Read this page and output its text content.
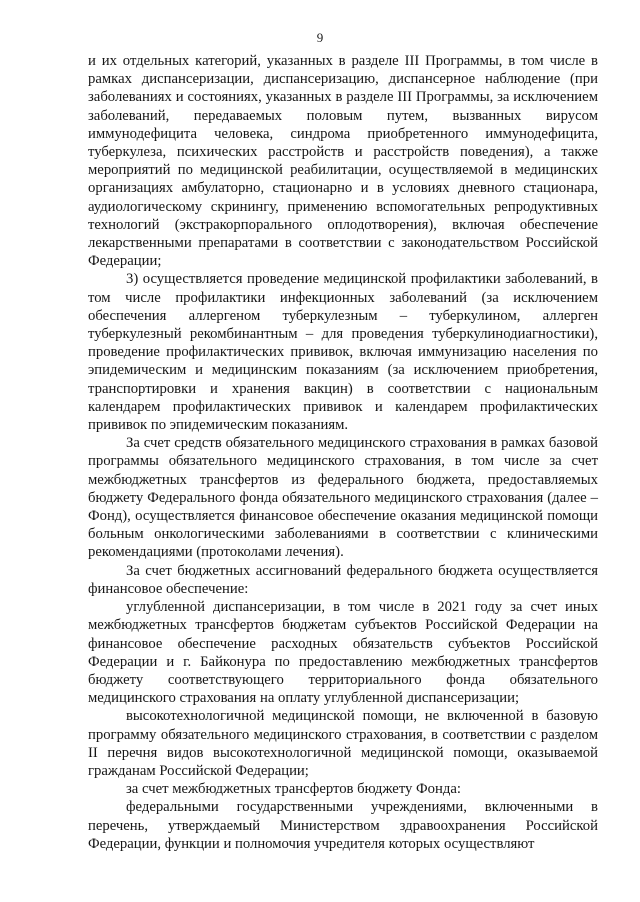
9

и их отдельных категорий, указанных в разделе III Программы, в том числе в рамках диспансеризации, диспансеризацию, диспансерное наблюдение (при заболеваниях и состояниях, указанных в разделе III Программы, за исключением заболеваний, передаваемых половым путем, вызванных вирусом иммунодефицита человека, синдрома приобретенного иммунодефицита, туберкулеза, психических расстройств и расстройств поведения), а также мероприятий по медицинской реабилитации, осуществляемой в медицинских организациях амбулаторно, стационарно и в условиях дневного стационара, аудиологическому скринингу, применению вспомогательных репродуктивных технологий (экстракорпорального оплодотворения), включая обеспечение лекарственными препаратами в соответствии с законодательством Российской Федерации;

3) осуществляется проведение медицинской профилактики заболеваний, в том числе профилактики инфекционных заболеваний (за исключением обеспечения аллергеном туберкулезным – туберкулином, аллерген туберкулезный рекомбинантным – для проведения туберкулинодиагностики), проведение профилактических прививок, включая иммунизацию населения по эпидемическим и медицинским показаниям (за исключением приобретения, транспортировки и хранения вакцин) в соответствии с национальным календарем профилактических прививок и календарем профилактических прививок по эпидемическим показаниям.

За счет средств обязательного медицинского страхования в рамках базовой программы обязательного медицинского страхования, в том числе за счет межбюджетных трансфертов из федерального бюджета, предоставляемых бюджету Федерального фонда обязательного медицинского страхования (далее – Фонд), осуществляется финансовое обеспечение оказания медицинской помощи больным онкологическими заболеваниями в соответствии с клиническими рекомендациями (протоколами лечения).

За счет бюджетных ассигнований федерального бюджета осуществляется финансовое обеспечение:

углубленной диспансеризации, в том числе в 2021 году за счет иных межбюджетных трансфертов бюджетам субъектов Российской Федерации на финансовое обеспечение расходных обязательств субъектов Российской Федерации и г. Байконура по предоставлению межбюджетных трансфертов бюджету соответствующего территориального фонда обязательного медицинского страхования на оплату углубленной диспансеризации;

высокотехнологичной медицинской помощи, не включенной в базовую программу обязательного медицинского страхования, в соответствии с разделом II перечня видов высокотехнологичной медицинской помощи, оказываемой гражданам Российской Федерации;

за счет межбюджетных трансфертов бюджету Фонда:

федеральными государственными учреждениями, включенными в перечень, утверждаемый Министерством здравоохранения Российской Федерации, функции и полномочия учредителя которых осуществляют
